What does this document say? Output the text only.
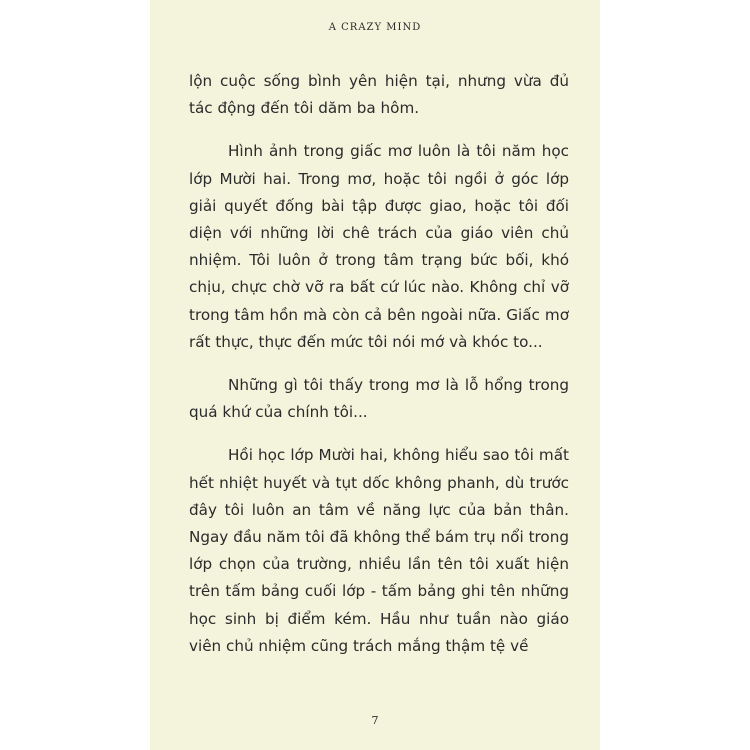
A CRAZY MIND

lộn cuộc sống bình yên hiện tại, nhưng vừa đủ tác động đến tôi dăm ba hôm.

Hình ảnh trong giấc mơ luôn là tôi năm học lớp Mười hai. Trong mơ, hoặc tôi ngồi ở góc lớp giải quyết đống bài tập được giao, hoặc tôi đối diện với những lời chê trách của giáo viên chủ nhiệm. Tôi luôn ở trong tâm trạng bức bối, khó chịu, chực chờ vỡ ra bất cứ lúc nào. Không chỉ vỡ trong tâm hồn mà còn cả bên ngoài nữa. Giấc mơ rất thực, thực đến mức tôi nói mớ và khóc to...

Những gì tôi thấy trong mơ là lỗ hổng trong quá khứ của chính tôi...

Hồi học lớp Mười hai, không hiểu sao tôi mất hết nhiệt huyết và tụt dốc không phanh, dù trước đây tôi luôn an tâm về năng lực của bản thân. Ngay đầu năm tôi đã không thể bám trụ nổi trong lớp chọn của trường, nhiều lần tên tôi xuất hiện trên tấm bảng cuối lớp - tấm bảng ghi tên những học sinh bị điểm kém. Hầu như tuần nào giáo viên chủ nhiệm cũng trách mắng thậm tệ về

7
